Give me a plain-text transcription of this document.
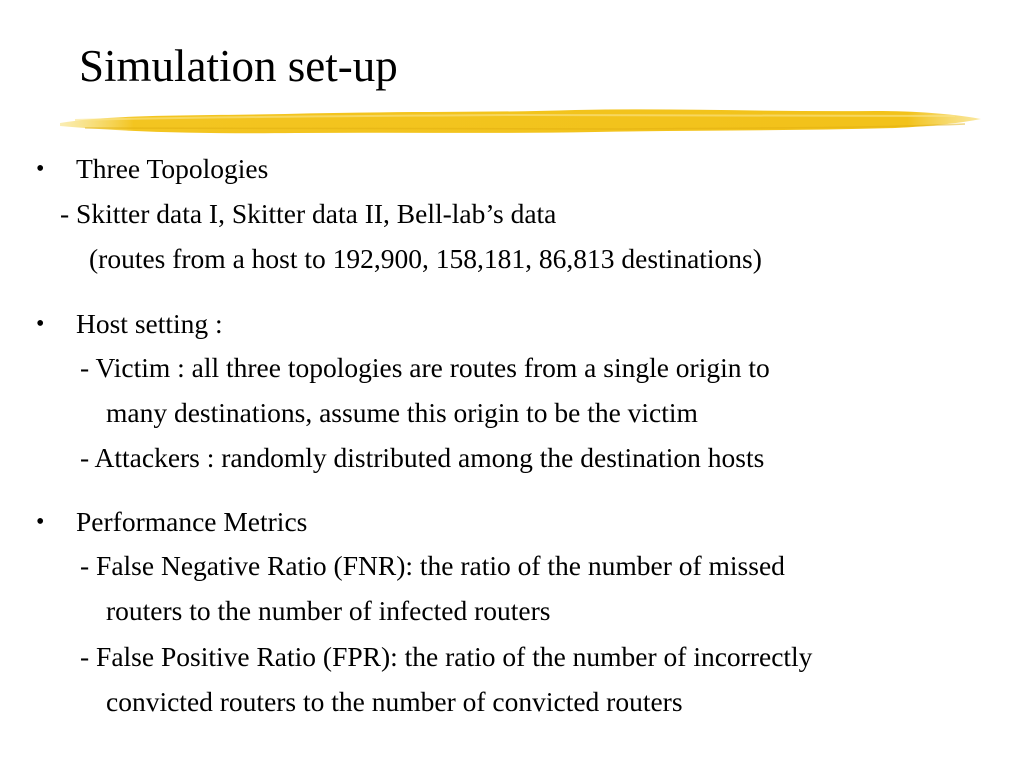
Simulation set-up
• Three Topologies
- Skitter data I, Skitter data II, Bell-lab’s data
(routes from a host to 192,900, 158,181, 86,813 destinations)
• Host setting :
- Victim : all three topologies are routes from a single origin to
many destinations, assume this origin to be the victim
- Attackers : randomly distributed among the destination hosts
• Performance Metrics
- False Negative Ratio (FNR): the ratio of the number of missed
routers to the number of infected routers
- False Positive Ratio (FPR): the ratio of the number of incorrectly
convicted routers to the number of convicted routers
